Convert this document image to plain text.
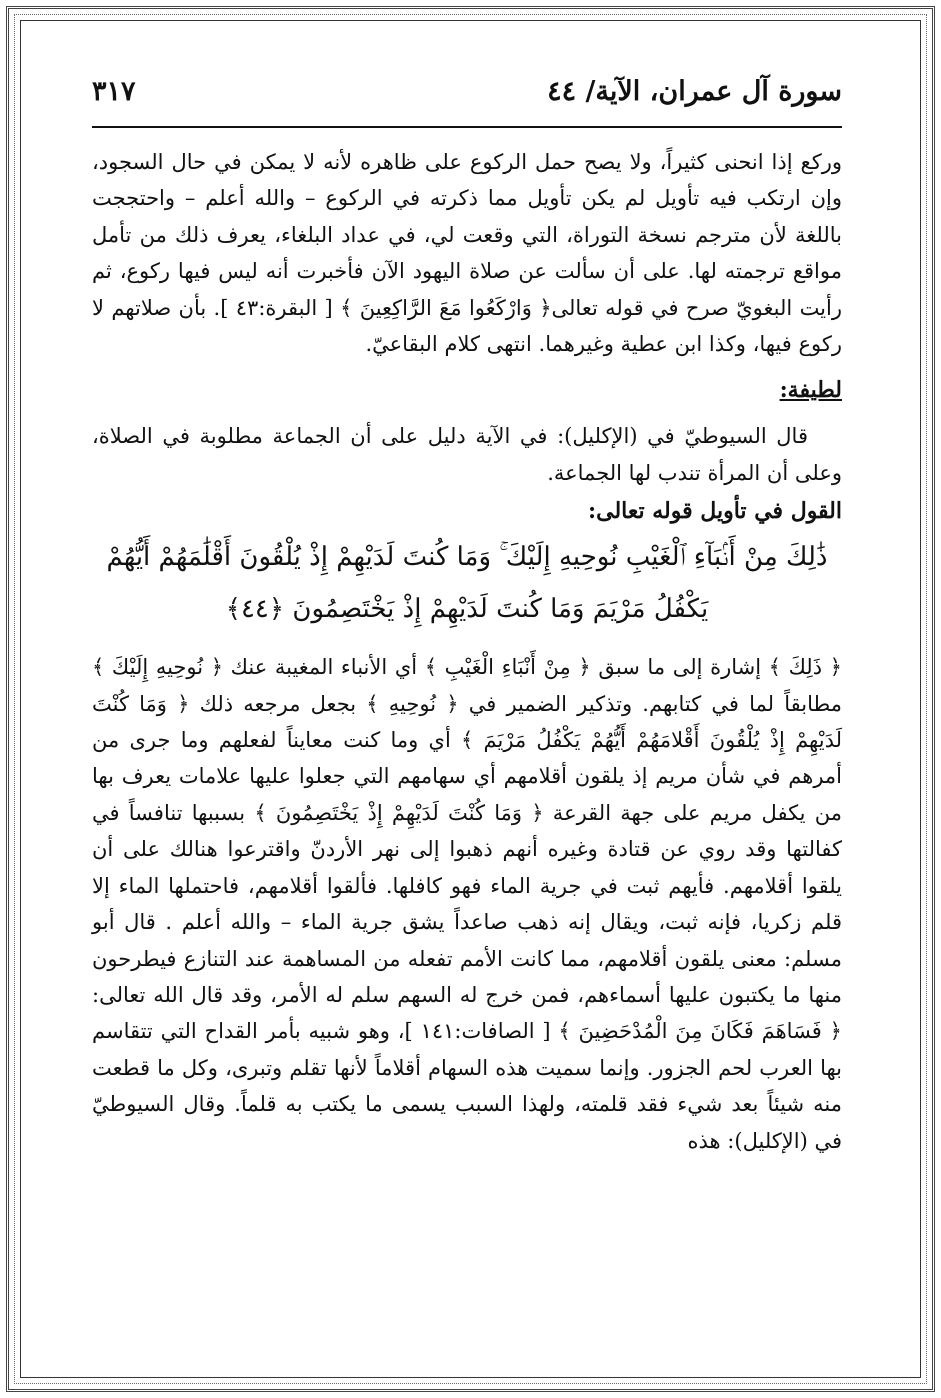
سورة آل عمران، الآية/ ٤٤
٣١٧

وركع إذا انحنى كثيراً، ولا يصح حمل الركوع على ظاهره لأنه لا يمكن في حال السجود، وإن ارتكب فيه تأويل لم يكن تأويل مما ذكرته في الركوع – والله أعلم – واحتججت باللغة لأن مترجم نسخة التوراة، التي وقعت لي، في عداد البلغاء، يعرف ذلك من تأمل مواقع ترجمته لها. على أن سألت عن صلاة اليهود الآن فأخبرت أنه ليس فيها ركوع، ثم رأيت البغويّ صرح في قوله تعالى﴿ وَارْكَعُوا مَعَ الرَّاكِعِينَ ﴾ [ البقرة:٤٣ ]. بأن صلاتهم لا ركوع فيها، وكذا ابن عطية وغيرهما. انتهى كلام البقاعيّ.

لطيفة:

قال السيوطيّ في (الإكليل): في الآية دليل على أن الجماعة مطلوبة في الصلاة، وعلى أن المرأة تندب لها الجماعة.

القول في تأويل قوله تعالى:

ذَٰلِكَ مِنْ أَنۢبَآءِ ٱلْغَيْبِ نُوحِيهِ إِلَيْكَ ۚ وَمَا كُنتَ لَدَيْهِمْ إِذْ يُلْقُونَ أَقْلَٰمَهُمْ أَيُّهُمْ

يَكْفُلُ مَرْيَمَ وَمَا كُنتَ لَدَيْهِمْ إِذْ يَخْتَصِمُونَ ﴿٤٤﴾

﴿ ذَلِكَ ﴾ إشارة إلى ما سبق ﴿ مِنْ أَنْبَاءِ الْغَيْبِ ﴾ أي الأنباء المغيبة عنك ﴿ نُوحِيهِ إِلَيْكَ ﴾ مطابقاً لما في كتابهم. وتذكير الضمير في ﴿ نُوحِيهِ ﴾ بجعل مرجعه ذلك ﴿ وَمَا كُنْتَ لَدَيْهِمْ إِذْ يُلْقُونَ أَقْلامَهُمْ أَيُّهُمْ يَكْفُلُ مَرْيَمَ ﴾ أي وما كنت معايناً لفعلهم وما جرى من أمرهم في شأن مريم إذ يلقون أقلامهم أي سهامهم التي جعلوا عليها علامات يعرف بها من يكفل مريم على جهة القرعة ﴿ وَمَا كُنْتَ لَدَيْهِمْ إِذْ يَخْتَصِمُونَ ﴾ بسببها تنافساً في كفالتها وقد روي عن قتادة وغيره أنهم ذهبوا إلى نهر الأردنّ واقترعوا هنالك على أن يلقوا أقلامهم. فأيهم ثبت في جرية الماء فهو كافلها. فألقوا أقلامهم، فاحتملها الماء إلا قلم زكريا، فإنه ثبت، ويقال إنه ذهب صاعداً يشق جرية الماء – والله أعلم . قال أبو مسلم: معنى يلقون أقلامهم، مما كانت الأمم تفعله من المساهمة عند التنازع فيطرحون منها ما يكتبون عليها أسماءهم، فمن خرج له السهم سلم له الأمر، وقد قال الله تعالى: ﴿ فَسَاهَمَ فَكَانَ مِنَ الْمُدْحَضِينَ ﴾ [ الصافات:١٤١ ]، وهو شبيه بأمر القداح التي تتقاسم بها العرب لحم الجزور. وإنما سميت هذه السهام أقلاماً لأنها تقلم وتبرى، وكل ما قطعت منه شيئاً بعد شيء فقد قلمته، ولهذا السبب يسمى ما يكتب به قلماً. وقال السيوطيّ في (الإكليل): هذه
